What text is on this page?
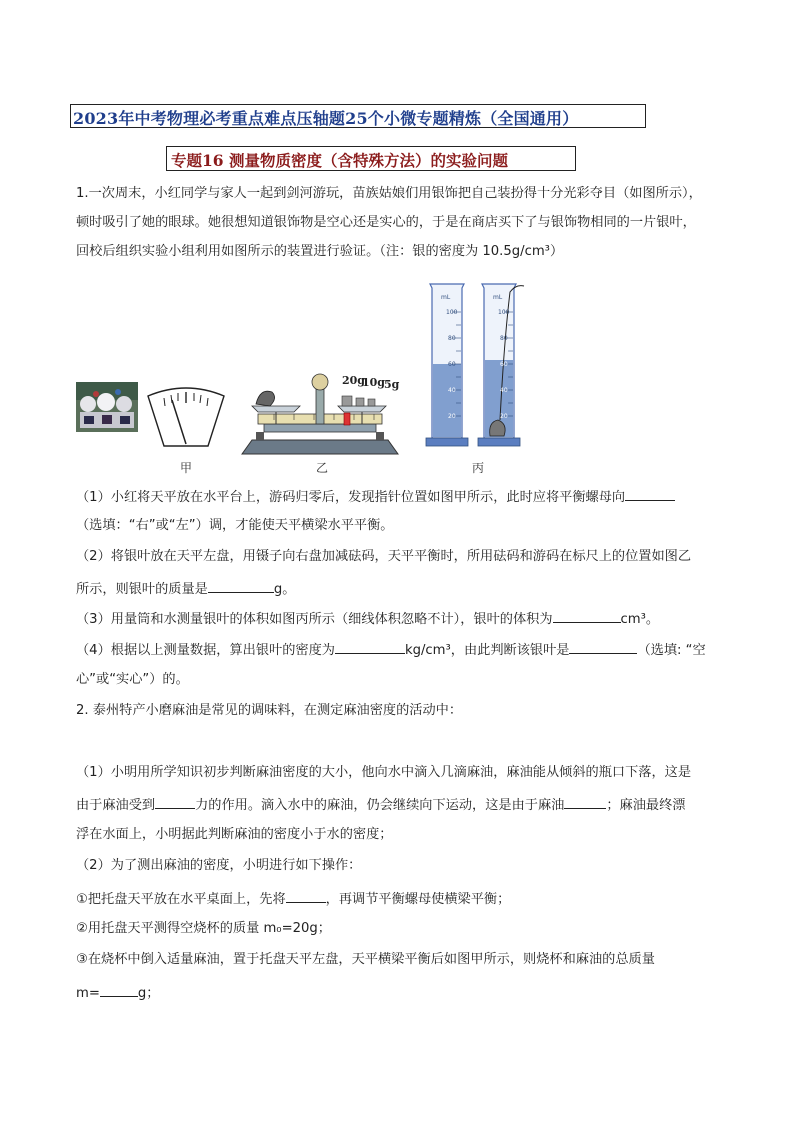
2023年中考物理必考重点难点压轴题25个小微专题精炼（全国通用）
专题16 测量物质密度（含特殊方法）的实验问题
1.一次周末，小红同学与家人一起到剑河游玩，苗族姑娘们用银饰把自己装扮得十分光彩夺目（如图所示），
顿时吸引了她的眼球。她很想知道银饰物是空心还是实心的，于是在商店买下了与银饰物相同的一片银叶，
回校后组织实验小组利用如图所示的装置进行验证。（注：银的密度为 10.5g/cm³）
甲
20g
10g 5g
乙
mL	mL
100
80
60
40
20
100
80
60
40
20
丙
（1）小红将天平放在水平台上，游码归零后，发现指针位置如图甲所示，此时应将平衡螺母向
（选填：“右”或“左”）调，才能使天平横梁水平平衡。
（2）将银叶放在天平左盘，用镊子向右盘加减砝码，天平平衡时，所用砝码和游码在标尺上的位置如图乙
所示，则银叶的质量是	g。
（3）用量筒和水测量银叶的体积如图丙所示（细线体积忽略不计），银叶的体积为	cm³。
（4）根据以上测量数据，算出银叶的密度为	kg/cm³，由此判断该银叶是	（选填: “空
心”或“实心”）的。
2. 泰州特产小磨麻油是常见的调味料，在测定麻油密度的活动中：
（1）小明用所学知识初步判断麻油密度的大小，他向水中滴入几滴麻油，麻油能从倾斜的瓶口下落，这是
由于麻油受到	力的作用。滴入水中的麻油，仍会继续向下运动，这是由于麻油	；麻油最终漂
浮在水面上，小明据此判断麻油的密度小于水的密度；
（2）为了测出麻油的密度，小明进行如下操作：
①把托盘天平放在水平桌面上，先将	，再调节平衡螺母使横梁平衡；
②用托盘天平测得空烧杯的质量 m₀=20g；
③在烧杯中倒入适量麻油，置于托盘天平左盘，天平横梁平衡后如图甲所示，则烧杯和麻油的总质量
m=	g；
